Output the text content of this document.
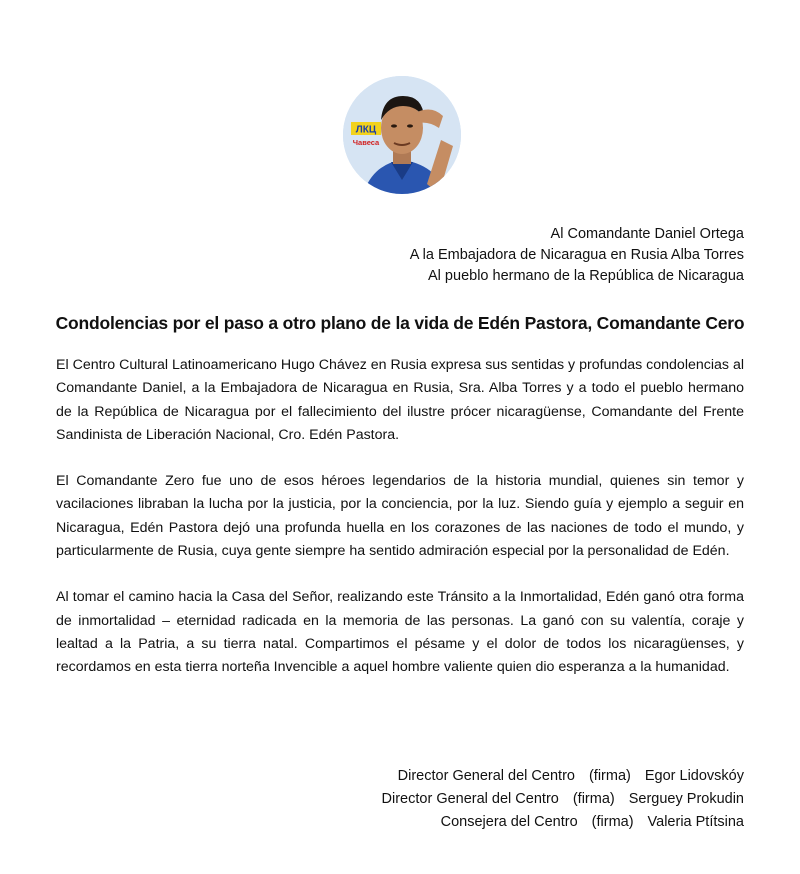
ЛКЦ
Чавеса
Al Comandante Daniel Ortega
A la Embajadora de Nicaragua en Rusia Alba Torres
Al pueblo hermano de la República de Nicaragua
Condolencias por el paso a otro plano de la vida de Edén Pastora, Comandante Cero

El Centro Cultural Latinoamericano Hugo Chávez en Rusia expresa sus sentidas y profundas condolencias al Comandante Daniel, a la Embajadora de Nicaragua en Rusia, Sra. Alba Torres y a todo el pueblo hermano de la República de Nicaragua por el fallecimiento del ilustre prócer nicaragüense, Comandante del Frente Sandinista de Liberación Nacional, Cro. Edén Pastora.

El Comandante Zero fue uno de esos héroes legendarios de la historia mundial, quienes sin temor y vacilaciones libraban la lucha por la justicia, por la conciencia, por la luz. Siendo guía y ejemplo a seguir en Nicaragua, Edén Pastora dejó una profunda huella en los corazones de las naciones de todo el mundo, y particularmente de Rusia, cuya gente siempre ha sentido admiración especial por la personalidad de Edén.

Al tomar el camino hacia la Casa del Señor, realizando este Tránsito a la Inmortalidad, Edén ganó otra forma de inmortalidad – eternidad radicada en la memoria de las personas. La ganó con su valentía, coraje y lealtad a la Patria, a su tierra natal. Compartimos el pésame y el dolor de todos los nicaragüenses, y recordamos en esta tierra norteña Invencible a aquel hombre valiente quien dio esperanza a la humanidad.

Director General del Centro (firma) Egor Lidovskóy
Director General del Centro (firma) Serguey Prokudin
Consejera del Centro (firma) Valeria Ptítsina
